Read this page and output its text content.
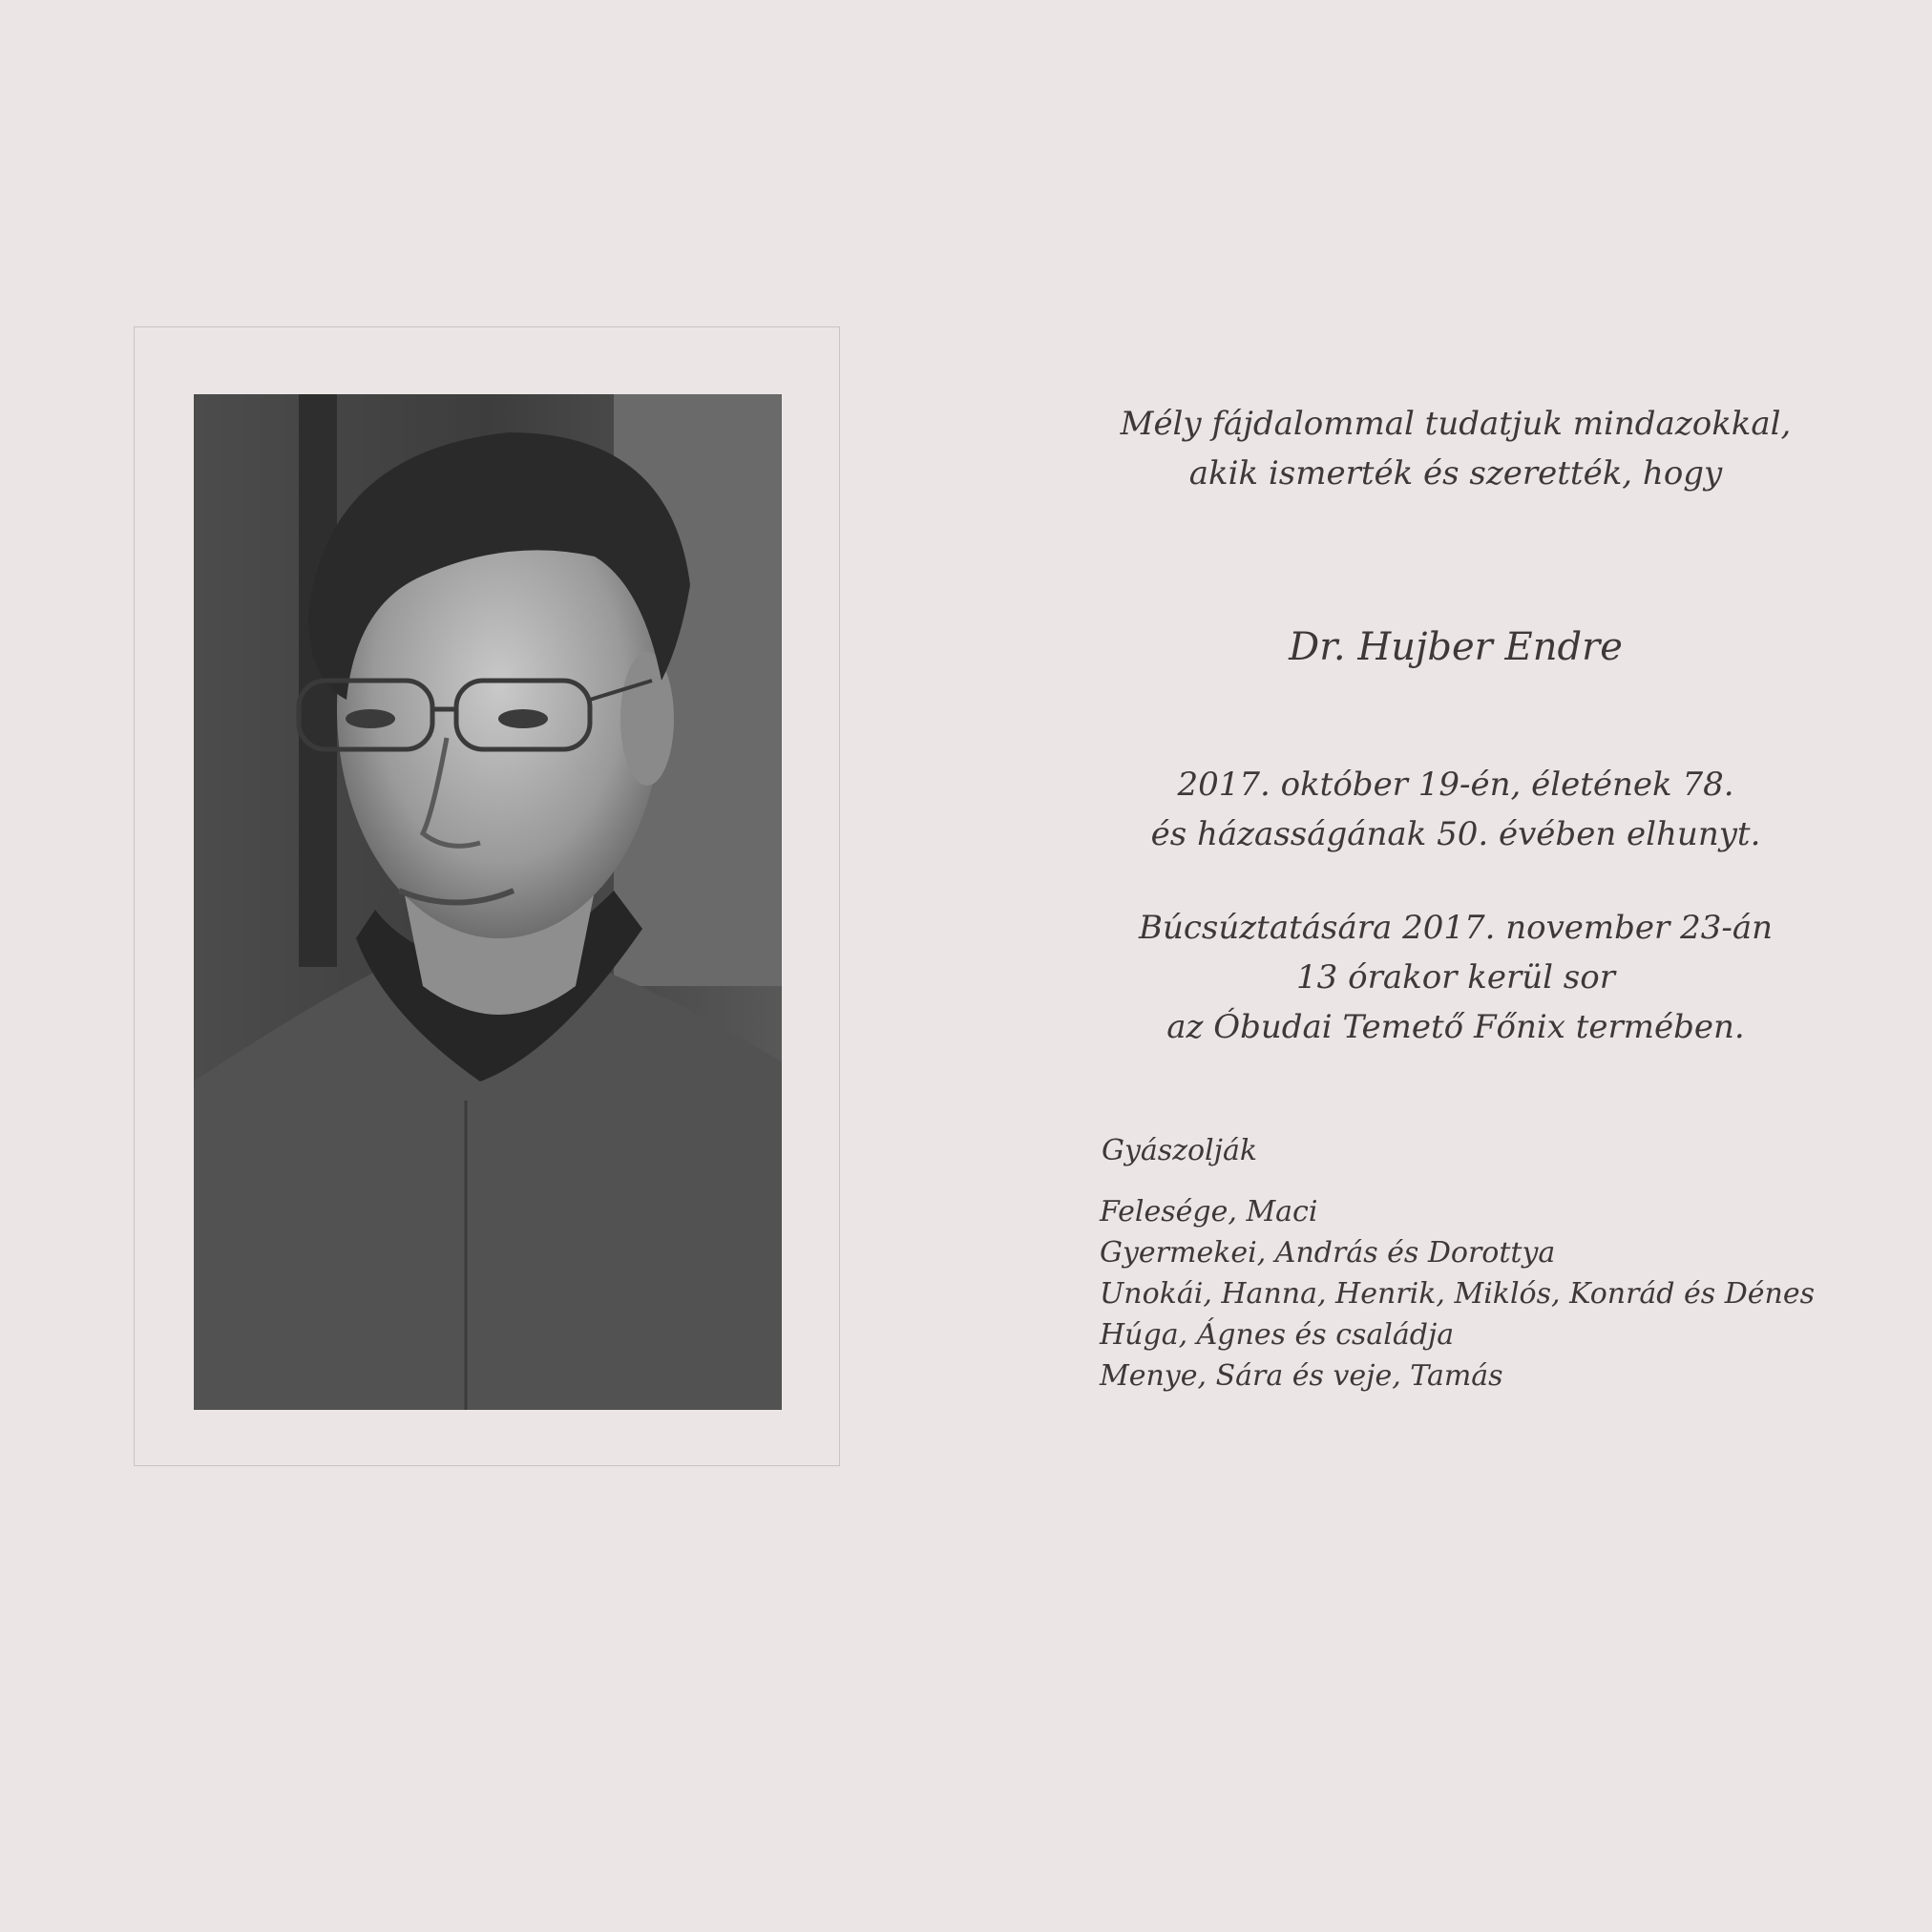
Mély fájdalommal tudatjuk mindazokkal,
akik ismerték és szerették, hogy
Dr. Hujber Endre
2017. október 19-én, életének 78.
és házasságának 50. évében elhunyt.
Búcsúztatására 2017. november 23-án
13 órakor kerül sor
az Óbudai Temető Főnix termében.
Gyászolják
Felesége, Maci
Gyermekei, András és Dorottya
Unokái, Hanna, Henrik, Miklós, Konrád és Dénes
Húga, Ágnes és családja
Menye, Sára és veje, Tamás
